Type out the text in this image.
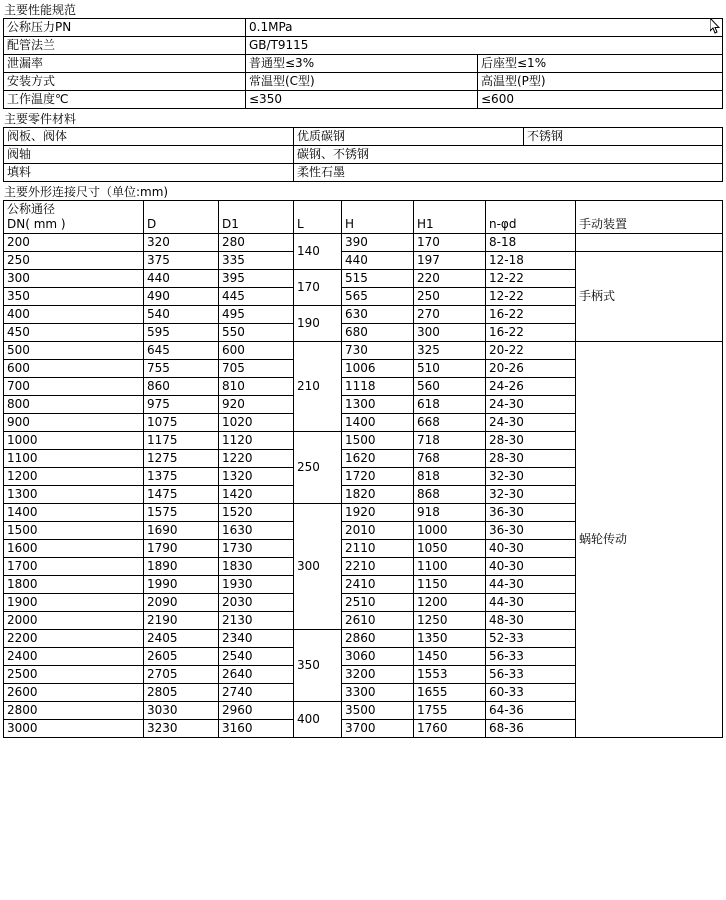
主要性能规范
公称压力PN	0.1MPa	
配管法兰	GB/T9115	
泄漏率	普通型≤3%	后座型≤1%
安装方式	常温型(C型)	高温型(P型)
工作温度℃	≤350	≤600
主要零件材料
阀板、阀体	优质碳钢	不锈钢
阀轴	碳钢、不锈钢	
填料	柔性石墨	
主要外形连接尺寸（单位:mm)
公称通径
DN( mm )	D	D1	L	H	H1	n-φd	手动装置
200	320	280	140	390	170	8-18	
250	375	335		440	197	12-18	手柄式
300	440	395	170	515	220	12-22	
350	490	445		565	250	12-22	
400	540	495	190	630	270	16-22	
450	595	550		680	300	16-22	
500	645	600	210	730	325	20-22	蜗轮传动
600	755	705		1006	510	20-26	
700	860	810		1118	560	24-26	
800	975	920		1300	618	24-30	
900	1075	1020		1400	668	24-30	
1000	1175	1120	250	1500	718	28-30	
1100	1275	1220		1620	768	28-30	
1200	1375	1320		1720	818	32-30	
1300	1475	1420		1820	868	32-30	
1400	1575	1520	300	1920	918	36-30	
1500	1690	1630		2010	1000	36-30	
1600	1790	1730		2110	1050	40-30	
1700	1890	1830		2210	1100	40-30	
1800	1990	1930		2410	1150	44-30	
1900	2090	2030		2510	1200	44-30	
2000	2190	2130		2610	1250	48-30	
2200	2405	2340	350	2860	1350	52-33	
2400	2605	2540		3060	1450	56-33	
2500	2705	2640		3200	1553	56-33	
2600	2805	2740		3300	1655	60-33	
2800	3030	2960	400	3500	1755	64-36	
3000	3230	3160		3700	1760	68-36	
